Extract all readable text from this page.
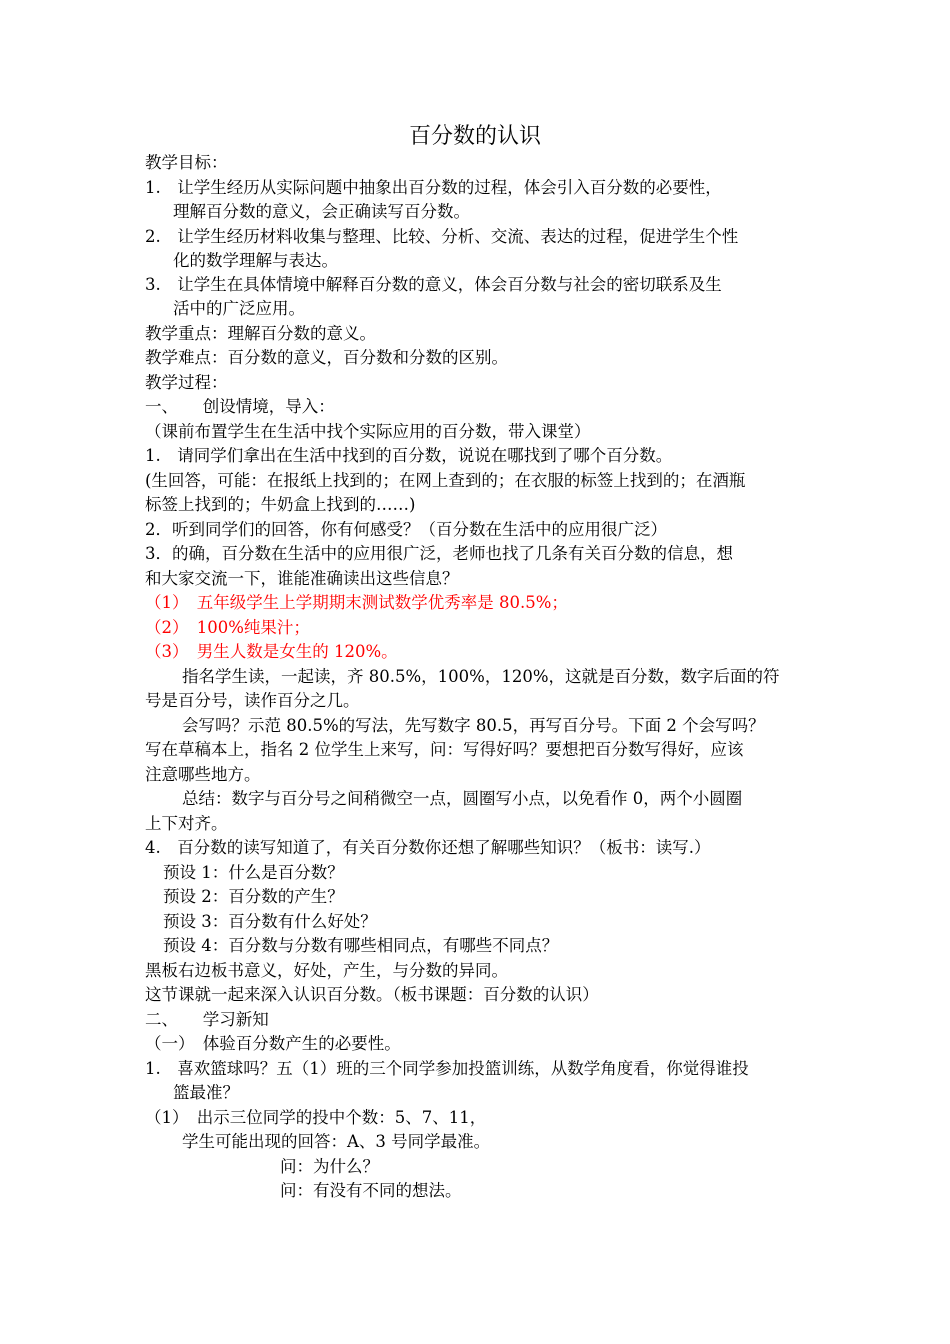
百分数的认识
教学目标：
1.　让学生经历从实际问题中抽象出百分数的过程，体会引入百分数的必要性，
理解百分数的意义，会正确读写百分数。
2.　让学生经历材料收集与整理、比较、分析、交流、表达的过程，促进学生个性
化的数学理解与表达。
3.　让学生在具体情境中解释百分数的意义，体会百分数与社会的密切联系及生
活中的广泛应用。
教学重点：理解百分数的意义。
教学难点：百分数的意义，百分数和分数的区别。
教学过程：
一、　　创设情境，导入：
（课前布置学生在生活中找个实际应用的百分数，带入课堂）
1.　请同学们拿出在生活中找到的百分数，说说在哪找到了哪个百分数。
(生回答，可能：在报纸上找到的；在网上查到的；在衣服的标签上找到的；在酒瓶
标签上找到的；牛奶盒上找到的……)
2．听到同学们的回答，你有何感受？（百分数在生活中的应用很广泛）
3．的确，百分数在生活中的应用很广泛，老师也找了几条有关百分数的信息，想
和大家交流一下，谁能准确读出这些信息？
（1）　五年级学生上学期期末测试数学优秀率是 80.5%；
（2）　100%纯果汁；
（3）　男生人数是女生的 120%。
指名学生读，一起读，齐 80.5%，100%，120%，这就是百分数，数字后面的符
号是百分号，读作百分之几。
会写吗？示范 80.5%的写法，先写数字 80.5，再写百分号。下面 2 个会写吗？
写在草稿本上，指名 2 位学生上来写，问：写得好吗？要想把百分数写得好，应该
注意哪些地方。
总结：数字与百分号之间稍微空一点，圆圈写小点，以免看作 0，两个小圆圈
上下对齐。
4.　百分数的读写知道了，有关百分数你还想了解哪些知识？（板书：读写.）
预设 1：什么是百分数？
预设 2：百分数的产生？
预设 3：百分数有什么好处？
预设 4：百分数与分数有哪些相同点，有哪些不同点？
黑板右边板书意义，好处，产生，与分数的异同。
这节课就一起来深入认识百分数。（板书课题：百分数的认识）
二、　　学习新知
（一）　体验百分数产生的必要性。
1.　喜欢篮球吗？五（1）班的三个同学参加投篮训练，从数学角度看，你觉得谁投
篮最准？
（1）　出示三位同学的投中个数：5、7、11，
学生可能出现的回答：A、3 号同学最准。
问：为什么？
问：有没有不同的想法。
